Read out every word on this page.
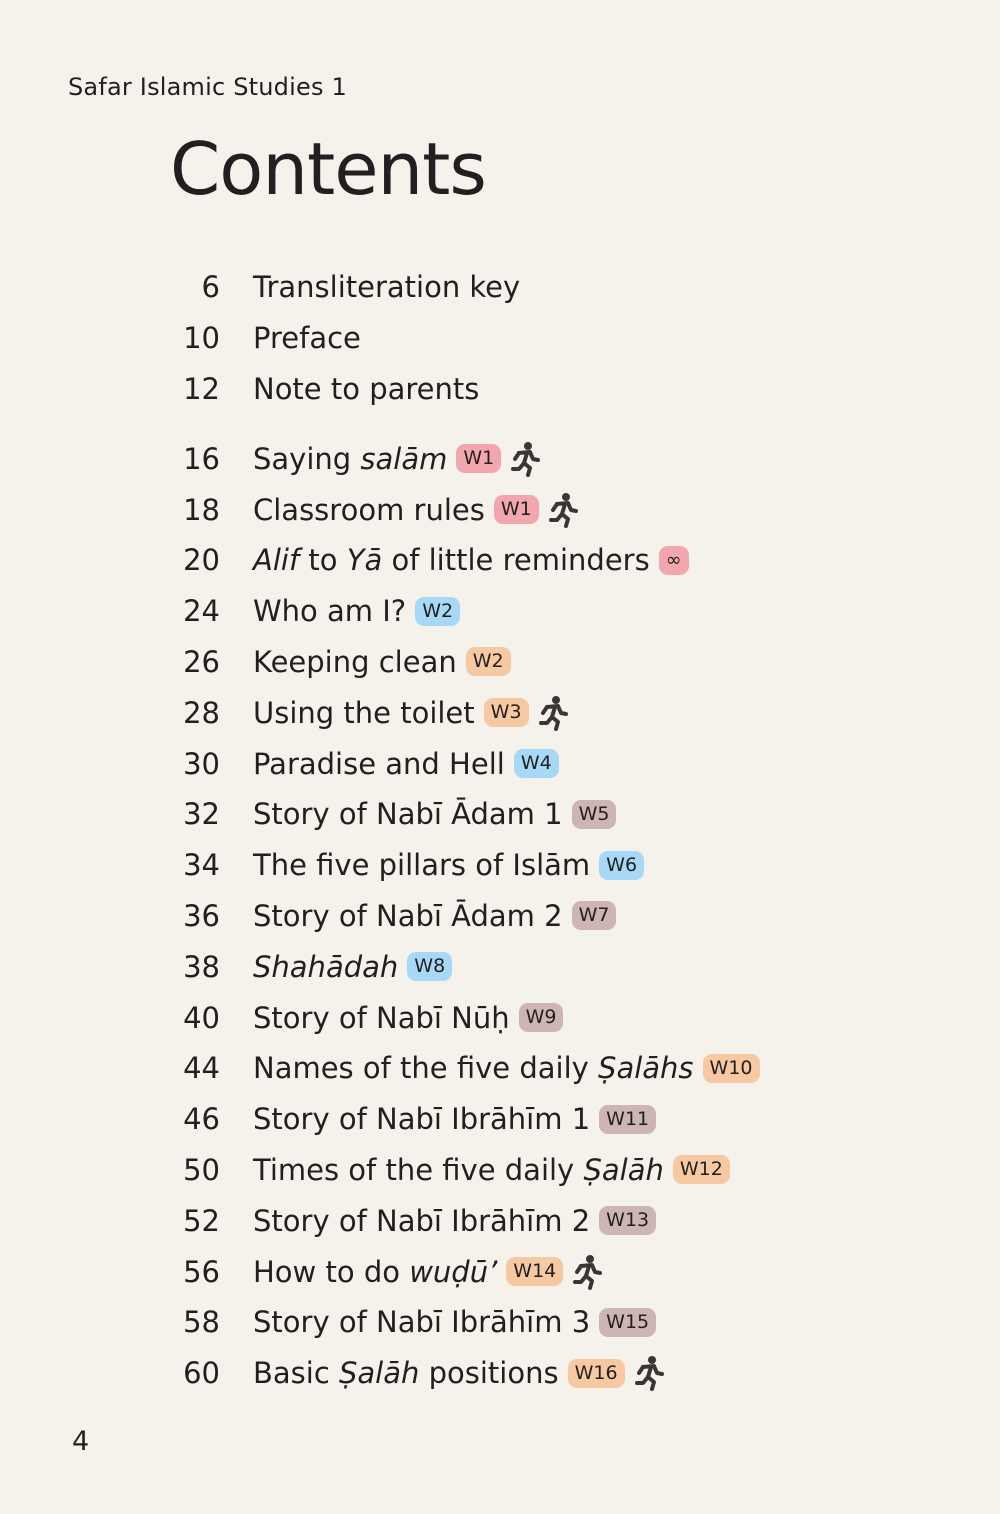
Safar Islamic Studies 1
Contents
6 Transliteration key
10 Preface
12 Note to parents
16 Saying salām W1
18 Classroom rules W1
20 Alif to Yā of little reminders ∞
24 Who am I? W2
26 Keeping clean W2
28 Using the toilet W3
30 Paradise and Hell W4
32 Story of Nabī Ādam 1 W5
34 The five pillars of Islām W6
36 Story of Nabī Ādam 2 W7
38 Shahādah W8
40 Story of Nabī Nūḥ W9
44 Names of the five daily Ṣalāhs W10
46 Story of Nabī Ibrāhīm 1 W11
50 Times of the five daily Ṣalāh W12
52 Story of Nabī Ibrāhīm 2 W13
56 How to do wuḍū’ W14
58 Story of Nabī Ibrāhīm 3 W15
60 Basic Ṣalāh positions W16
4
